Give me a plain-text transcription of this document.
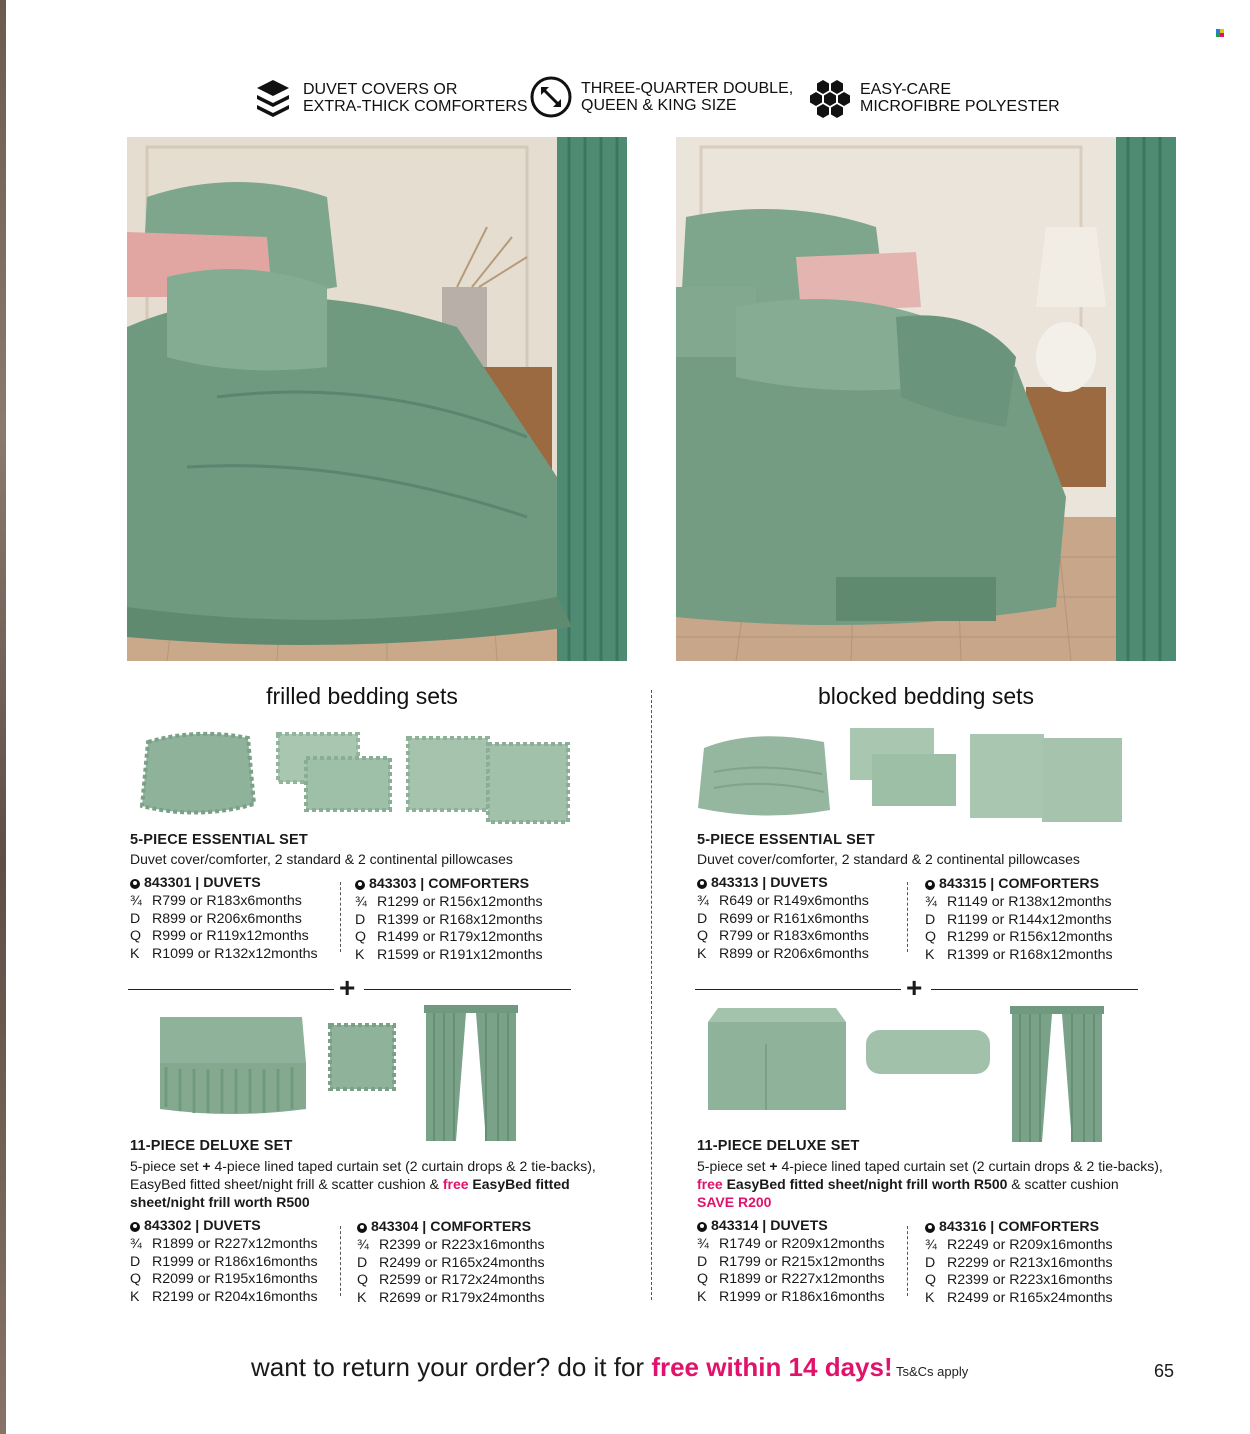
DUVET COVERS OR
EXTRA-THICK COMFORTERS
THREE-QUARTER DOUBLE,
QUEEN & KING SIZE
EASY-CARE
MICROFIBRE POLYESTER
frilled bedding sets	blocked bedding sets
5-PIECE ESSENTIAL SET
Duvet cover/comforter, 2 standard & 2 continental pillowcases
843301 | DUVETS
¾ R799 or R183x6months
D R899 or R206x6months
Q R999 or R119x12months
K R1099 or R132x12months
843303 | COMFORTERS
¾ R1299 or R156x12months
D R1399 or R168x12months
Q R1499 or R179x12months
K R1599 or R191x12months
5-PIECE ESSENTIAL SET
Duvet cover/comforter, 2 standard & 2 continental pillowcases
843313 | DUVETS
¾ R649 or R149x6months
D R699 or R161x6months
Q R799 or R183x6months
K R899 or R206x6months
843315 | COMFORTERS
¾ R1149 or R138x12months
D R1199 or R144x12months
Q R1299 or R156x12months
K R1399 or R168x12months
+	+
11-PIECE DELUXE SET
5-piece set + 4-piece lined taped curtain set (2 curtain drops & 2 tie-backs),
EasyBed fitted sheet/night frill & scatter cushion & free EasyBed fitted
sheet/night frill worth R500
843302 | DUVETS
¾ R1899 or R227x12months
D R1999 or R186x16months
Q R2099 or R195x16months
K R2199 or R204x16months
843304 | COMFORTERS
¾ R2399 or R223x16months
D R2499 or R165x24months
Q R2599 or R172x24months
K R2699 or R179x24months
11-PIECE DELUXE SET
5-piece set + 4-piece lined taped curtain set (2 curtain drops & 2 tie-backs),
free EasyBed fitted sheet/night frill worth R500 & scatter cushion
SAVE R200
843314 | DUVETS
¾ R1749 or R209x12months
D R1799 or R215x12months
Q R1899 or R227x12months
K R1999 or R186x16months
843316 | COMFORTERS
¾ R2249 or R209x16months
D R2299 or R213x16months
Q R2399 or R223x16months
K R2499 or R165x24months
want to return your order? do it for free within 14 days! Ts&Cs apply	65
